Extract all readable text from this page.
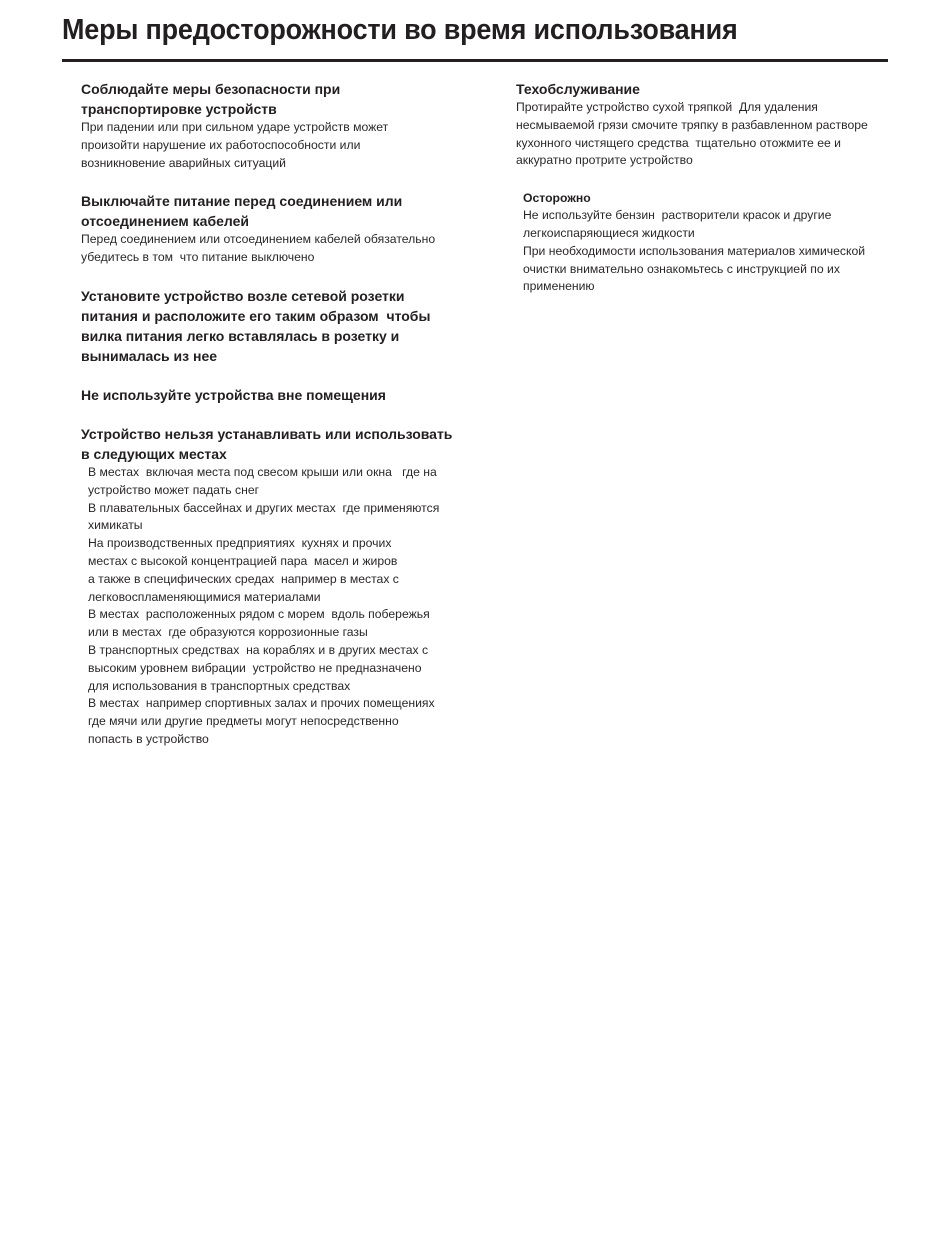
Меры предосторожности во время использования

Соблюдайте меры безопасности при
транспортировке устройств

При падении или при сильном ударе устройств может
произойти нарушение их работоспособности или
возникновение аварийных ситуаций

Выключайте питание перед соединением или
отсоединением кабелей

Перед соединением или отсоединением кабелей обязательно
убедитесь в том  что питание выключено

Установите устройство возле сетевой розетки
питания и расположите его таким образом  чтобы
вилка питания легко вставлялась в розетку и
вынималась из нее

Не используйте устройства вне помещения

Устройство нельзя устанавливать или использовать
в следующих местах

В местах  включая места под свесом крыши или окна   где на
устройство может падать снег
В плавательных бассейнах и других местах  где применяются
химикаты
На производственных предприятиях  кухнях и прочих
местах с высокой концентрацией пара  масел и жиров
а также в специфических средах  например в местах с
легковоспламеняющимися материалами
В местах  расположенных рядом с морем  вдоль побережья
или в местах  где образуются коррозионные газы
В транспортных средствах  на кораблях и в других местах с
высоким уровнем вибрации  устройство не предназначено
для использования в транспортных средствах
В местах  например спортивных залах и прочих помещениях
где мячи или другие предметы могут непосредственно
попасть в устройство

Техобслуживание

Протирайте устройство сухой тряпкой  Для удаления
несмываемой грязи смочите тряпку в разбавленном растворе
кухонного чистящего средства  тщательно отожмите ее и
аккуратно протрите устройство

Осторожно

Не используйте бензин  растворители красок и другие
легкоиспаряющиеся жидкости
При необходимости использования материалов химической
очистки внимательно ознакомьтесь с инструкцией по их
применению
